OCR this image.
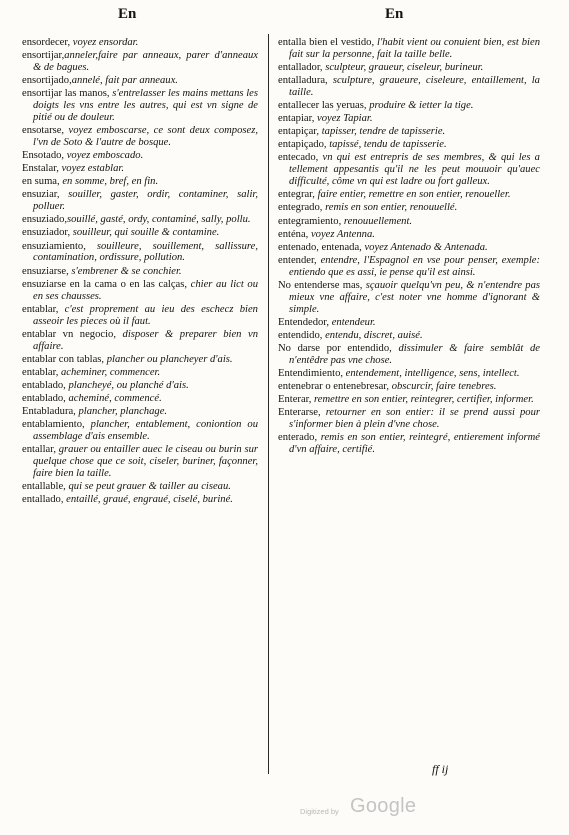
En	En

ensordecer, voyez ensordar.

ensortijar,anneler,faire par anneaux, parer d'anneaux & de bagues.

ensortijado,annelé, fait par anneaux.

ensortijar las manos, s'entrelasser les mains mettans les doigts les vns entre les autres, qui est vn signe de pitié ou de douleur.

ensotarse, voyez emboscarse, ce sont deux composez, l'vn de Soto & l'autre de bosque.

Ensotado, voyez emboscado.

Enstalar, voyez establar.

en suma, en somme, bref, en fin.

ensuziar, souiller, gaster, ordir, contaminer, salir, polluer.

ensuziado,souillé, gasté, ordy, contaminé, sally, pollu.

ensuziador, souilleur, qui souille & contamine.

ensuziamiento, souilleure, souillement, sallissure, contamination, ordissure, pollution.

ensuziarse, s'embrener & se conchier.

ensuziarse en la cama o en las calças, chier au lict ou en ses chausses.

entablar, c'est proprement au ieu des eschecz bien asseoir les pieces où il faut.

entablar vn negocio, disposer & preparer bien vn affaire.

entablar con tablas, plancher ou plancheyer d'ais.

entablar, acheminer, commencer.

entablado, plancheyé, ou planché d'ais.

entablado, acheminé, commencé.

Entabladura, plancher, planchage.

entablamiento, plancher, entablement, coniontion ou assemblage d'ais ensemble.

entallar, grauer ou entailler auec le ciseau ou burin sur quelque chose que ce soit, ciseler, buriner, façonner, faire bien la taille.

entallable, qui se peut grauer & tailler au ciseau.

entallado, entaillé, graué, engraué, ciselé, buriné.

entalla bien el vestido, l'habit vient ou conuient bien, est bien fait sur la personne, fait la taille belle.

entallador, sculpteur, graueur, ciseleur, burineur.

entalladura, sculpture, graueure, ciseleure, entaillement, la taille.

entallecer las yeruas, produire & ietter la tige.

entapiar, voyez Tapiar.

entapiçar, tapisser, tendre de tapisserie.

entapiçado, tapissé, tendu de tapisserie.

entecado, vn qui est entrepris de ses membres, & qui les a tellement appesantis qu'il ne les peut mouuoir qu'auec difficulté, côme vn qui est ladre ou fort galleux.

entegrar, faire entier, remettre en son entier, renoueller.

entegrado, remis en son entier, renouuellé.

entegramiento, renouuellement.

enténa, voyez Antenna.

entenado, entenada, voyez Antenado & Antenada.

entender, entendre, l'Espagnol en vse pour penser, exemple: entiendo que es assi, ie pense qu'il est ainsi.

No entenderse mas, sçauoir quelqu'vn peu, & n'entendre pas mieux vne affaire, c'est noter vne homme d'ignorant & simple.

Entendedor, entendeur.

entendido, entendu, discret, auisé.

No darse por entendido, dissimuler & faire semblât de n'entêdre pas vne chose.

Entendimiento, entendement, intelligence, sens, intellect.

entenebrar o entenebresar, obscurcir, faire tenebres.

Enterar, remettre en son entier, reintegrer, certifier, informer.

Enterarse, retourner en son entier: il se prend aussi pour s'informer bien à plein d'vne chose.

enterado, remis en son entier, reintegré, entierement informé d'vn affaire, certifié.

ff ij
Digitized by Google
